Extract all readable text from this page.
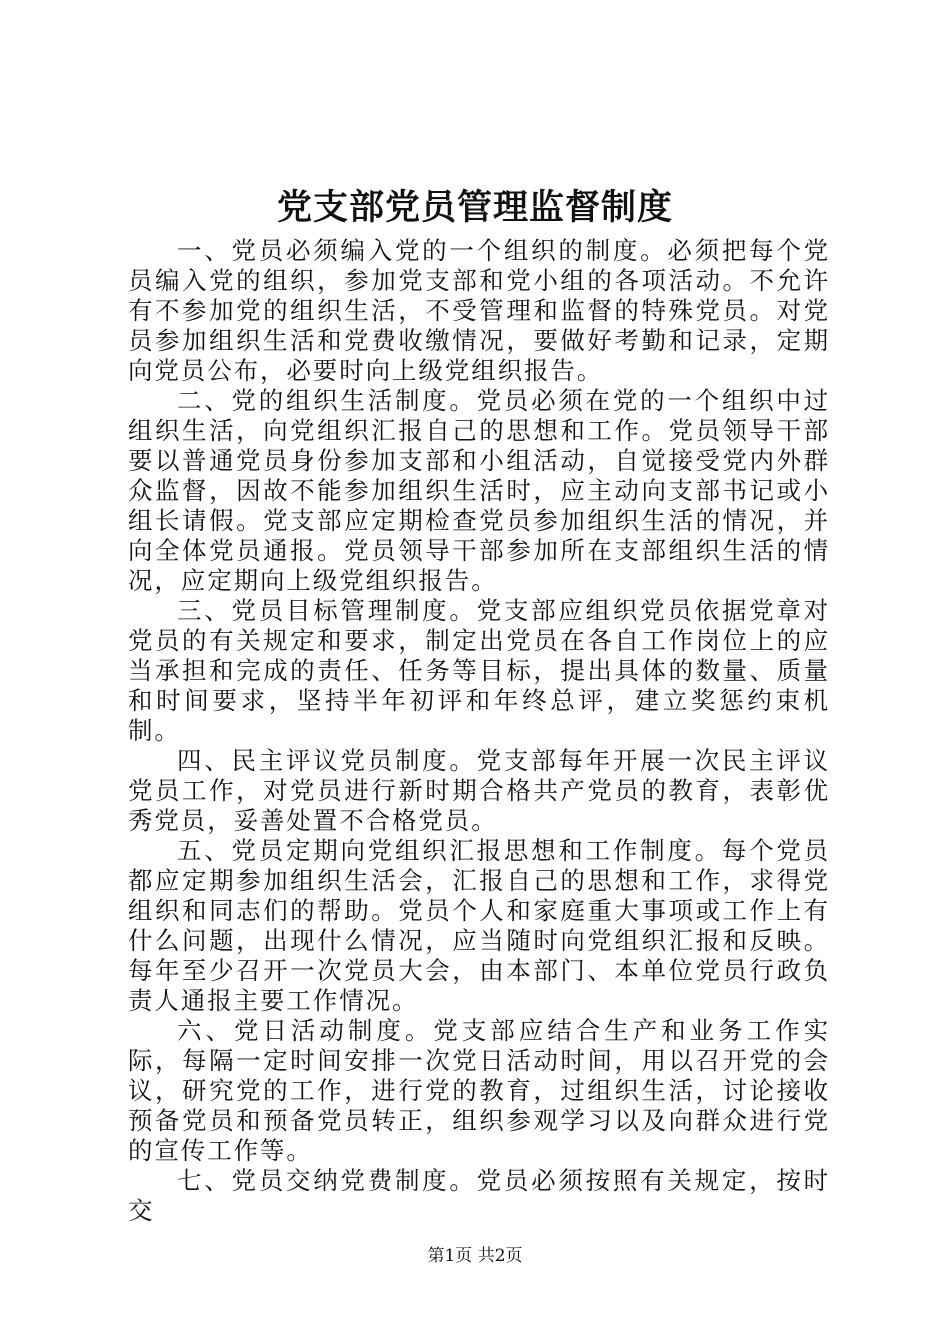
党支部党员管理监督制度

一、党员必须编入党的一个组织的制度。必须把每个党员编入党的组织，参加党支部和党小组的各项活动。不允许有不参加党的组织生活，不受管理和监督的特殊党员。对党员参加组织生活和党费收缴情况，要做好考勤和记录，定期向党员公布，必要时向上级党组织报告。

二、党的组织生活制度。党员必须在党的一个组织中过组织生活，向党组织汇报自己的思想和工作。党员领导干部要以普通党员身份参加支部和小组活动，自觉接受党内外群众监督，因故不能参加组织生活时，应主动向支部书记或小组长请假。党支部应定期检查党员参加组织生活的情况，并向全体党员通报。党员领导干部参加所在支部组织生活的情况，应定期向上级党组织报告。

三、党员目标管理制度。党支部应组织党员依据党章对党员的有关规定和要求，制定出党员在各自工作岗位上的应当承担和完成的责任、任务等目标，提出具体的数量、质量和时间要求，坚持半年初评和年终总评，建立奖惩约束机制。

四、民主评议党员制度。党支部每年开展一次民主评议党员工作，对党员进行新时期合格共产党员的教育，表彰优秀党员，妥善处置不合格党员。

五、党员定期向党组织汇报思想和工作制度。每个党员都应定期参加组织生活会，汇报自己的思想和工作，求得党组织和同志们的帮助。党员个人和家庭重大事项或工作上有什么问题，出现什么情况，应当随时向党组织汇报和反映。每年至少召开一次党员大会，由本部门、本单位党员行政负责人通报主要工作情况。

六、党日活动制度。党支部应结合生产和业务工作实际，每隔一定时间安排一次党日活动时间，用以召开党的会议，研究党的工作，进行党的教育，过组织生活，讨论接收预备党员和预备党员转正，组织参观学习以及向群众进行党的宣传工作等。

七、党员交纳党费制度。党员必须按照有关规定，按时交

第1页 共2页
